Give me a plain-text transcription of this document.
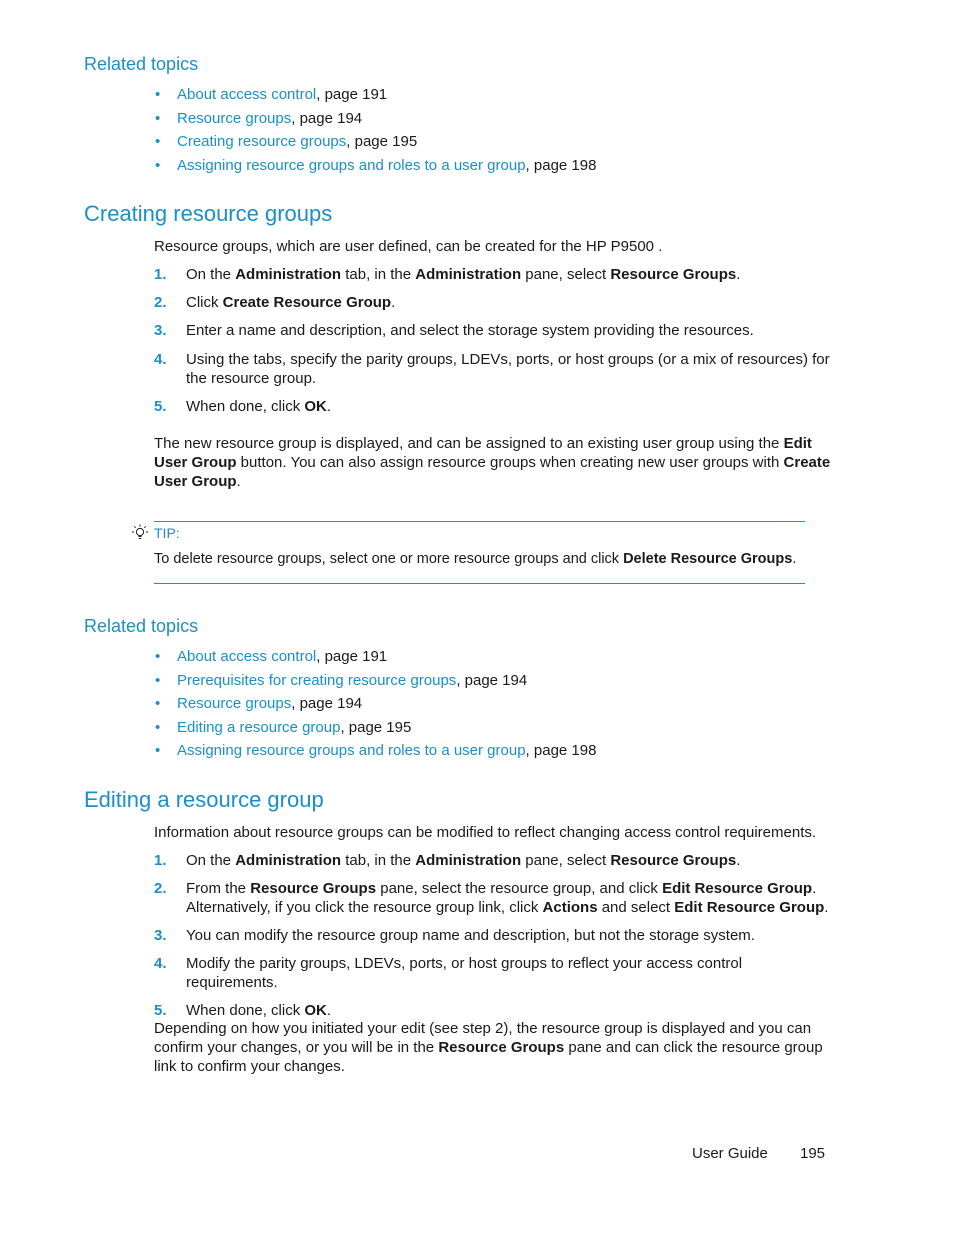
Related topics
• About access control, page 191
• Resource groups, page 194
• Creating resource groups, page 195
• Assigning resource groups and roles to a user group, page 198
Creating resource groups
Resource groups, which are user defined, can be created for the HP P9500 .
1. On the Administration tab, in the Administration pane, select Resource Groups.
2. Click Create Resource Group.
3. Enter a name and description, and select the storage system providing the resources.
4. Using the tabs, specify the parity groups, LDEVs, ports, or host groups (or a mix of resources) for the resource group.
5. When done, click OK.
The new resource group is displayed, and can be assigned to an existing user group using the Edit User Group button. You can also assign resource groups when creating new user groups with Create User Group.
TIP:
To delete resource groups, select one or more resource groups and click Delete Resource Groups.
Related topics
• About access control, page 191
• Prerequisites for creating resource groups, page 194
• Resource groups, page 194
• Editing a resource group, page 195
• Assigning resource groups and roles to a user group, page 198
Editing a resource group
Information about resource groups can be modified to reflect changing access control requirements.
1. On the Administration tab, in the Administration pane, select Resource Groups.
2. From the Resource Groups pane, select the resource group, and click Edit Resource Group. Alternatively, if you click the resource group link, click Actions and select Edit Resource Group.
3. You can modify the resource group name and description, but not the storage system.
4. Modify the parity groups, LDEVs, ports, or host groups to reflect your access control requirements.
5. When done, click OK.
Depending on how you initiated your edit (see step 2), the resource group is displayed and you can confirm your changes, or you will be in the Resource Groups pane and can click the resource group link to confirm your changes.
User Guide 195
